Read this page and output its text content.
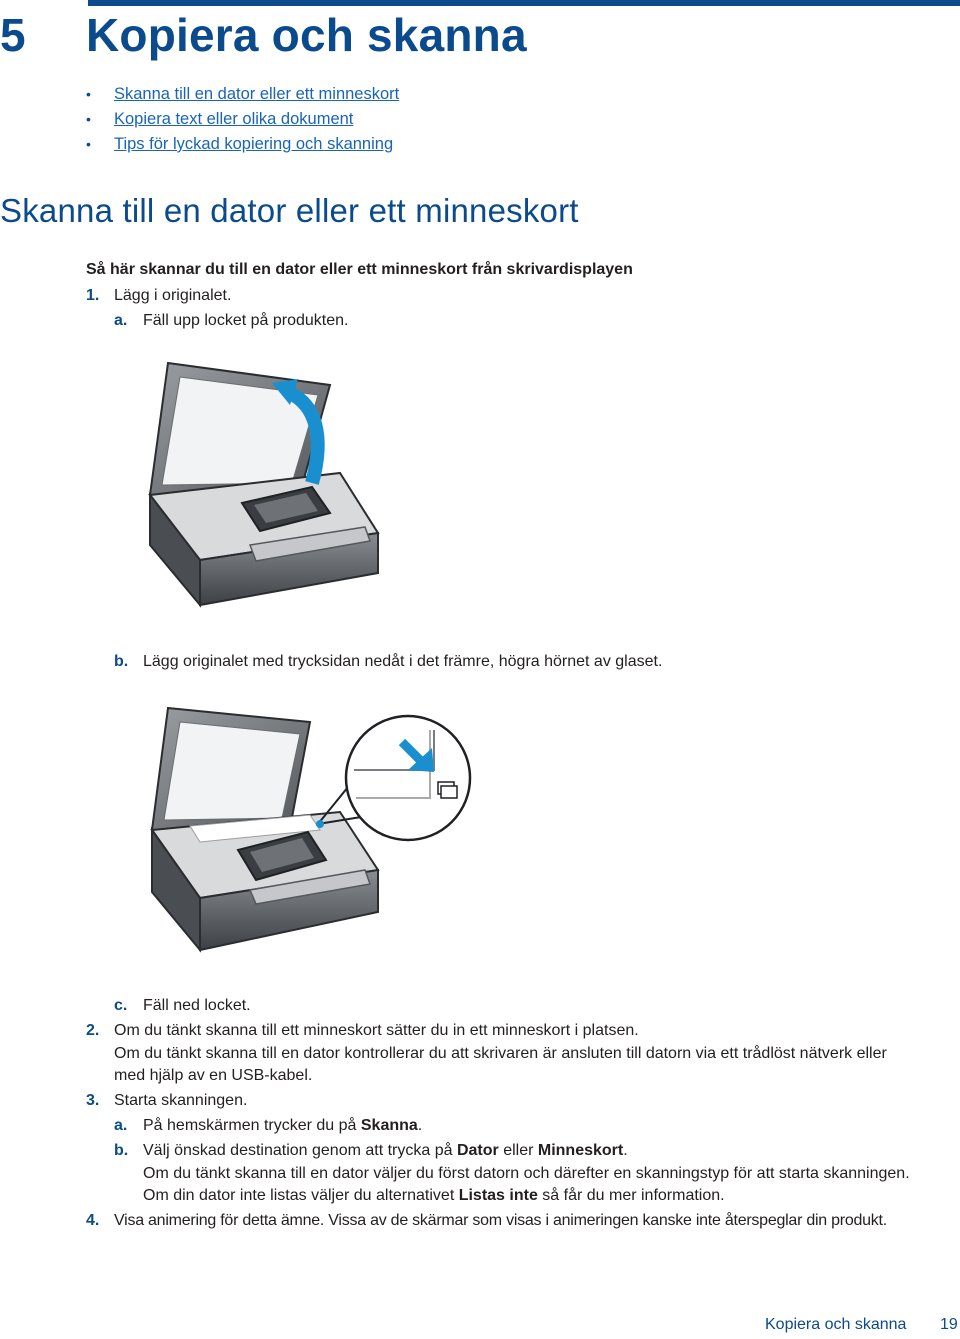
5 Kopiera och skanna
• Skanna till en dator eller ett minneskort
• Kopiera text eller olika dokument
• Tips för lyckad kopiering och skanning
Skanna till en dator eller ett minneskort
Så här skannar du till en dator eller ett minneskort från skrivardisplayen
1. Lägg i originalet.
a. Fäll upp locket på produkten.
b. Lägg originalet med trycksidan nedåt i det främre, högra hörnet av glaset.
c. Fäll ned locket.
2. Om du tänkt skanna till ett minneskort sätter du in ett minneskort i platsen.
Om du tänkt skanna till en dator kontrollerar du att skrivaren är ansluten till datorn via ett trådlöst nätverk eller
med hjälp av en USB-kabel.
3. Starta skanningen.
a. På hemskärmen trycker du på Skanna.
b. Välj önskad destination genom att trycka på Dator eller Minneskort.
Om du tänkt skanna till en dator väljer du först datorn och därefter en skanningstyp för att starta skanningen.
Om din dator inte listas väljer du alternativet Listas inte så får du mer information.
4. Visa animering för detta ämne. Vissa av de skärmar som visas i animeringen kanske inte återspeglar din produkt.
Kopiera och skanna 19
